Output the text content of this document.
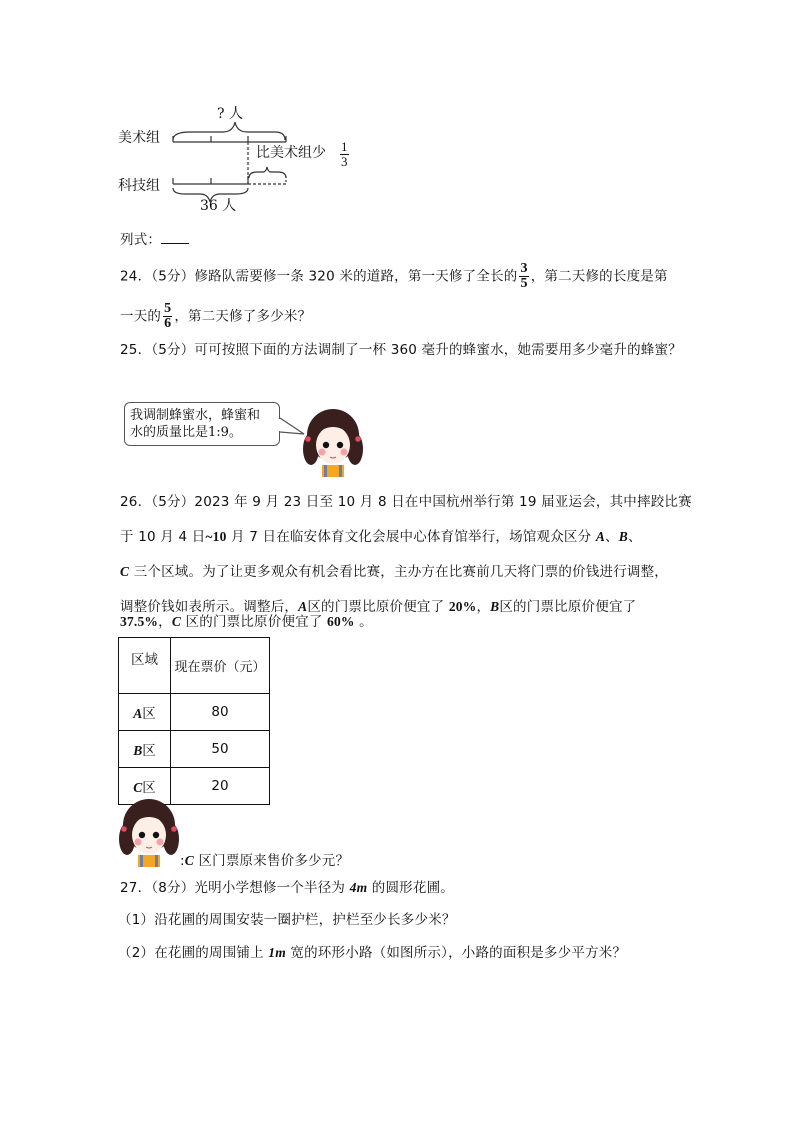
? 人
美术组
科技组
比美术组少 $\frac{1}{3}$
36 人
列式：
24．（5分）修路队需要修一条 320 米的道路，第一天修了全长的 $\frac{3}{5}$ ，第二天修的长度是第
一天的 $\frac{5}{6}$ ，第二天修了多少米？
25．（5分）可可按照下面的方法调制了一杯 360 毫升的蜂蜜水，她需要用多少毫升的蜂蜜？
我调制蜂蜜水，蜂蜜和
水的质量比是1:9。
26．（5分）2023 年 9 月 23 日至 10 月 8 日在中国杭州举行第 19 届亚运会，其中摔跤比赛
于 10 月 4 日~10 月 7 日在临安体育文化会展中心体育馆举行，场馆观众区分 A、B、
C 三个区域。为了让更多观众有机会看比赛，主办方在比赛前几天将门票的价钱进行调整，
调整价钱如表所示。调整后，A区的门票比原价便宜了 20%，B区的门票比原价便宜了
37.5%，C 区的门票比原价便宜了 60% 。
区域	现在票价（元）
A区	80
B区	50
C区	20
:C 区门票原来售价多少元？
27．（8分）光明小学想修一个半径为 4m 的圆形花圃。
（1）沿花圃的周围安装一圈护栏，护栏至少长多少米？
（2）在花圃的周围铺上 1m 宽的环形小路（如图所示），小路的面积是多少平方米？
